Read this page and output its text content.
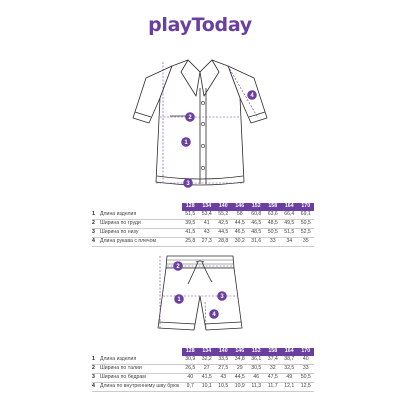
playToday
2
1
3
4
		128	134	140	146	152	158	164	170
1	Длина изделия	51,5	53,4	55,2	58	60,8	63,6	66,4	69,1
2	Ширина по груди	39,5	41	42,5	44,5	46,5	48,5	49,5	50,5
3	Ширина по низу	41,5	43	44,5	46,5	48,5	50,5	51,5	52,5
4	Длина рукава с плечом	25,8	27,3	28,8	30,2	31,6	33	34	35
2
1	3
4
		128	134	140	146	152	158	164	170
1	Длина изделия	30,9	32,2	33,5	34,8	36,1	37,4	38,7	40
2	Ширина по талии	26,5	27	27,5	29	30,5	32	32,5	33
3	Ширина по бедрам	40	41,5	43	44,5	46	47,5	49	50,5
4	Длина по внутреннему шву брюк	9,7	10,1	10,5	10,9	11,3	11,7	12,1	12,5
